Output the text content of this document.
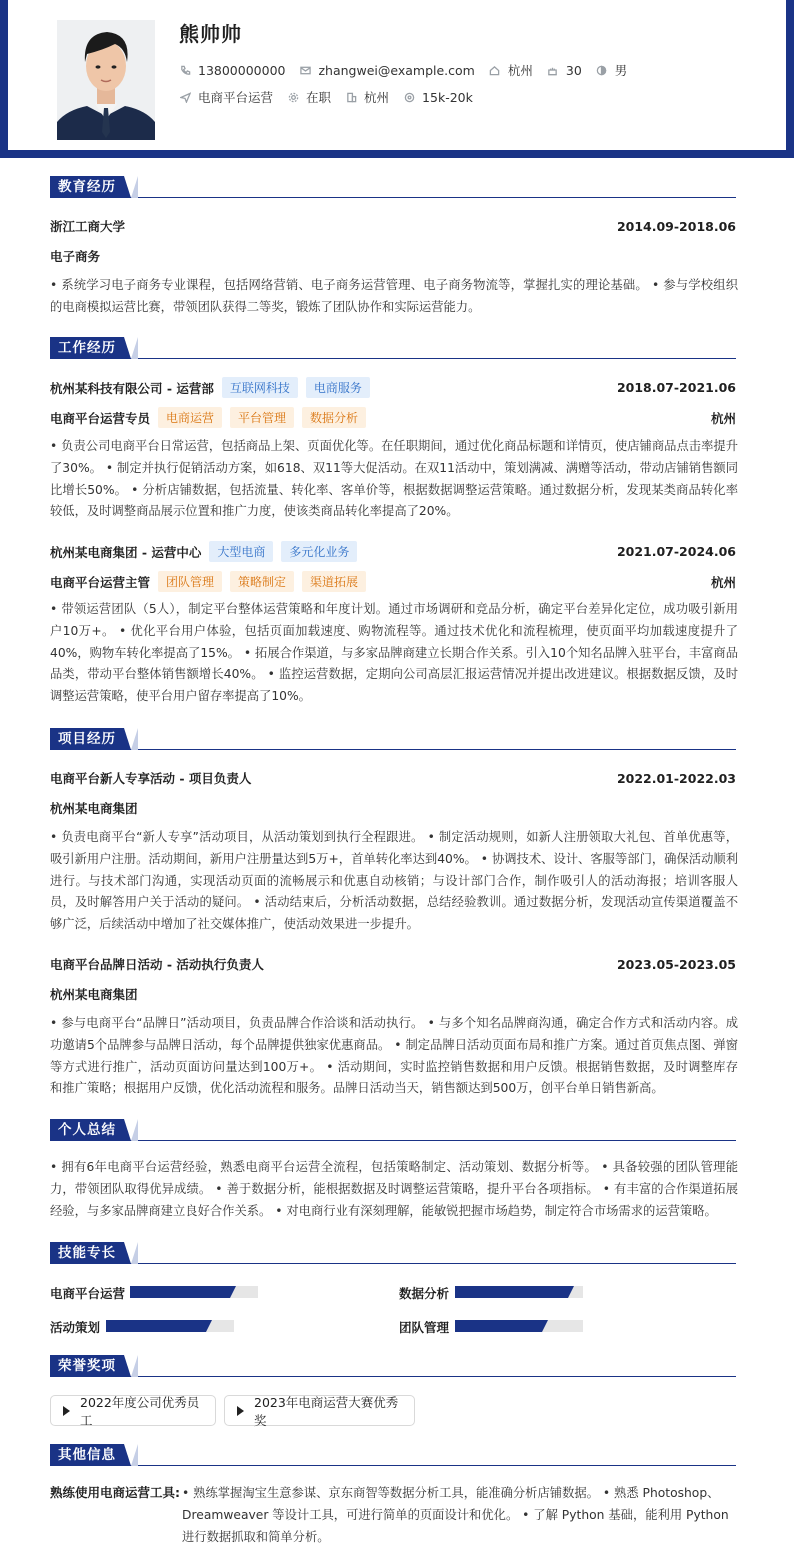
熊帅帅
13800000000	zhangwei@example.com	杭州	30	男
电商平台运营	在职	杭州	15k-20k
教育经历
浙江工商大学	2014.09-2018.06
电子商务
• 系统学习电子商务专业课程，包括网络营销、电子商务运营管理、电子商务物流等，掌握扎实的理论基础。 • 参与学校组织的电商模拟运营比赛，带领团队获得二等奖，锻炼了团队协作和实际运营能力。
工作经历
杭州某科技有限公司 - 运营部	互联网科技	电商服务	2018.07-2021.06
电商平台运营专员	电商运营	平台管理	数据分析	杭州
• 负责公司电商平台日常运营，包括商品上架、页面优化等。在任职期间，通过优化商品标题和详情页，使店铺商品点击率提升了30%。 • 制定并执行促销活动方案，如618、双11等大促活动。在双11活动中，策划满减、满赠等活动，带动店铺销售额同比增长50%。 • 分析店铺数据，包括流量、转化率、客单价等，根据数据调整运营策略。通过数据分析，发现某类商品转化率较低，及时调整商品展示位置和推广力度，使该类商品转化率提高了20%。
杭州某电商集团 - 运营中心	大型电商	多元化业务	2021.07-2024.06
电商平台运营主管	团队管理	策略制定	渠道拓展	杭州
• 带领运营团队（5人），制定平台整体运营策略和年度计划。通过市场调研和竞品分析，确定平台差异化定位，成功吸引新用户10万+。 • 优化平台用户体验，包括页面加载速度、购物流程等。通过技术优化和流程梳理，使页面平均加载速度提升了40%，购物车转化率提高了15%。 • 拓展合作渠道，与多家品牌商建立长期合作关系。引入10个知名品牌入驻平台，丰富商品品类，带动平台整体销售额增长40%。 • 监控运营数据，定期向公司高层汇报运营情况并提出改进建议。根据数据反馈，及时调整运营策略，使平台用户留存率提高了10%。
项目经历
电商平台新人专享活动 - 项目负责人	2022.01-2022.03
杭州某电商集团
• 负责电商平台“新人专享”活动项目，从活动策划到执行全程跟进。 • 制定活动规则，如新人注册领取大礼包、首单优惠等，吸引新用户注册。活动期间，新用户注册量达到5万+，首单转化率达到40%。 • 协调技术、设计、客服等部门，确保活动顺利进行。与技术部门沟通，实现活动页面的流畅展示和优惠自动核销；与设计部门合作，制作吸引人的活动海报；培训客服人员，及时解答用户关于活动的疑问。 • 活动结束后，分析活动数据，总结经验教训。通过数据分析，发现活动宣传渠道覆盖不够广泛，后续活动中增加了社交媒体推广，使活动效果进一步提升。
电商平台品牌日活动 - 活动执行负责人	2023.05-2023.05
杭州某电商集团
• 参与电商平台“品牌日”活动项目，负责品牌合作洽谈和活动执行。 • 与多个知名品牌商沟通，确定合作方式和活动内容。成功邀请5个品牌参与品牌日活动，每个品牌提供独家优惠商品。 • 制定品牌日活动页面布局和推广方案。通过首页焦点图、弹窗等方式进行推广，活动页面访问量达到100万+。 • 活动期间，实时监控销售数据和用户反馈。根据销售数据，及时调整库存和推广策略；根据用户反馈，优化活动流程和服务。品牌日活动当天，销售额达到500万，创平台单日销售新高。
个人总结
• 拥有6年电商平台运营经验，熟悉电商平台运营全流程，包括策略制定、活动策划、数据分析等。 • 具备较强的团队管理能力，带领团队取得优异成绩。 • 善于数据分析，能根据数据及时调整运营策略，提升平台各项指标。 • 有丰富的合作渠道拓展经验，与多家品牌商建立良好合作关系。 • 对电商行业有深刻理解，能敏锐把握市场趋势，制定符合市场需求的运营策略。
技能专长
电商平台运营	数据分析
活动策划	团队管理
荣誉奖项
2022年度公司优秀员工
2023年电商运营大赛优秀奖
其他信息
熟练使用电商运营工具: • 熟练掌握淘宝生意参谋、京东商智等数据分析工具，能准确分析店铺数据。 • 熟悉 Photoshop、Dreamweaver 等设计工具，可进行简单的页面设计和优化。 • 了解 Python 基础，能利用 Python 进行数据抓取和简单分析。
